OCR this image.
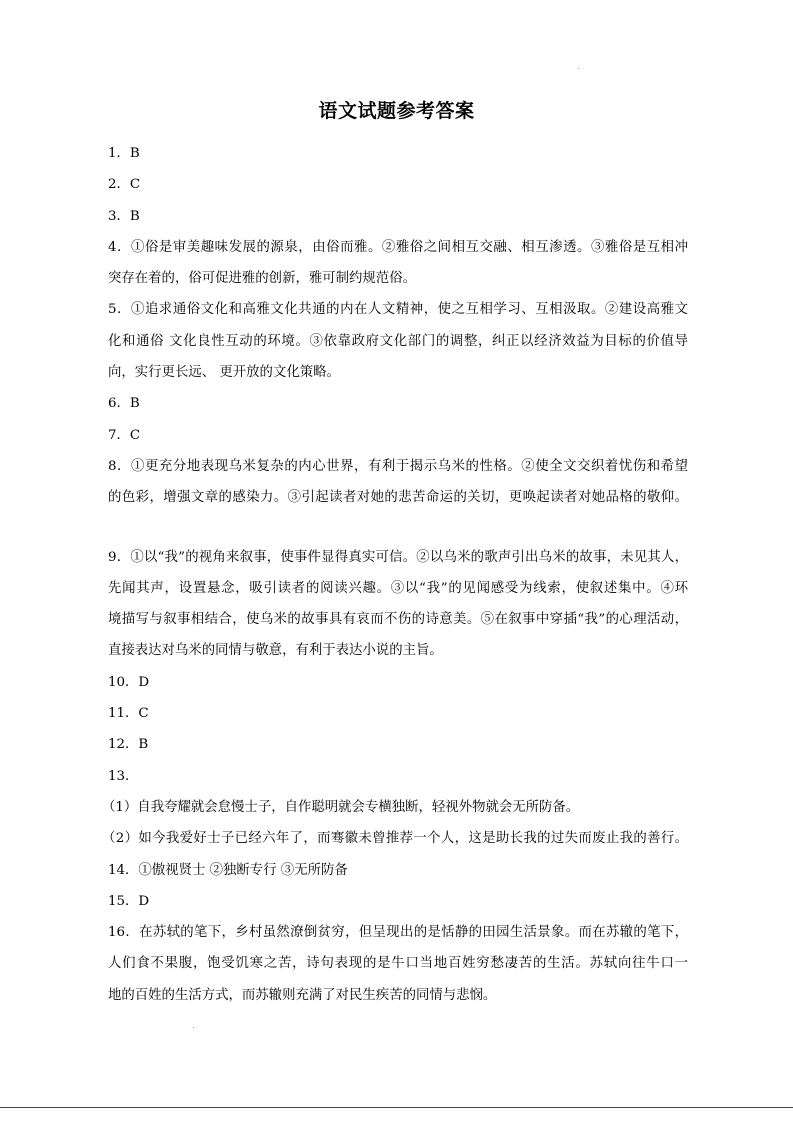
语文试题参考答案
1．B
2．C
3．B
4．①俗是审美趣味发展的源泉，由俗而雅。②雅俗之间相互交融、相互渗透。③雅俗是互相冲
突存在着的，俗可促进雅的创新，雅可制约规范俗。
5．①追求通俗文化和高雅文化共通的内在人文精神，使之互相学习、互相汲取。②建设高雅文
化和通俗 文化良性互动的环境。③依靠政府文化部门的调整，纠正以经济效益为目标的价值导
向，实行更长远、 更开放的文化策略。
6．B
7．C
8．①更充分地表现乌米复杂的内心世界，有利于揭示乌米的性格。②使全文交织着忧伤和希望
的色彩，增强文章的感染力。③引起读者对她的悲苦命运的关切，更唤起读者对她品格的敬仰。
9．①以“我”的视角来叙事，使事件显得真实可信。②以乌米的歌声引出乌米的故事，未见其人，
先闻其声，设置悬念，吸引读者的阅读兴趣。③以“我”的见闻感受为线索，使叙述集中。④环
境描写与叙事相结合，使乌米的故事具有哀而不伤的诗意美。⑤在叙事中穿插“我”的心理活动，
直接表达对乌米的同情与敬意，有利于表达小说的主旨。
10．D
11．C
12．B
13．
（1）自我夸耀就会怠慢士子，自作聪明就会专横独断，轻视外物就会无所防备。
（2）如今我爱好士子已经六年了，而骞徽未曾推荐一个人，这是助长我的过失而废止我的善行。
14．①傲视贤士 ②独断专行 ③无所防备
15．D
16．在苏轼的笔下，乡村虽然潦倒贫穷，但呈现出的是恬静的田园生活景象。而在苏辙的笔下，
人们食不果腹，饱受饥寒之苦，诗句表现的是牛口当地百姓穷愁凄苦的生活。苏轼向往牛口一
地的百姓的生活方式，而苏辙则充满了对民生疾苦的同情与悲悯。
